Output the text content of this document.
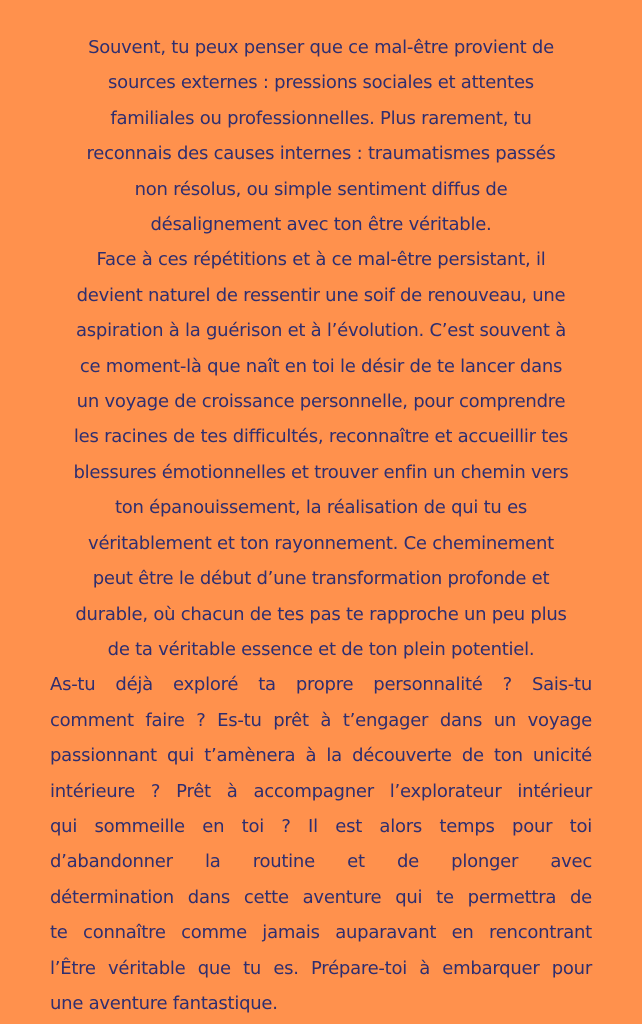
Souvent, tu peux penser que ce mal-être provient de
sources externes : pressions sociales et attentes
familiales ou professionnelles. Plus rarement, tu
reconnais des causes internes : traumatismes passés
non résolus, ou simple sentiment diffus de
désalignement avec ton être véritable.

Face à ces répétitions et à ce mal-être persistant, il
devient naturel de ressentir une soif de renouveau, une
aspiration à la guérison et à l’évolution. C’est souvent à
ce moment-là que naît en toi le désir de te lancer dans
un voyage de croissance personnelle, pour comprendre
les racines de tes difficultés, reconnaître et accueillir tes
blessures émotionnelles et trouver enfin un chemin vers
ton épanouissement, la réalisation de qui tu es
véritablement et ton rayonnement. Ce cheminement
peut être le début d’une transformation profonde et
durable, où chacun de tes pas te rapproche un peu plus
de ta véritable essence et de ton plein potentiel.

As-tu déjà exploré ta propre personnalité ? Sais-tu
comment faire ? Es-tu prêt à t’engager dans un voyage
passionnant qui t’amènera à la découverte de ton unicité
intérieure ? Prêt à accompagner l’explorateur intérieur
qui sommeille en toi ? Il est alors temps pour toi
d’abandonner la routine et de plonger avec
détermination dans cette aventure qui te permettra de
te connaître comme jamais auparavant en rencontrant
l’Être véritable que tu es. Prépare-toi à embarquer pour
une aventure fantastique.
